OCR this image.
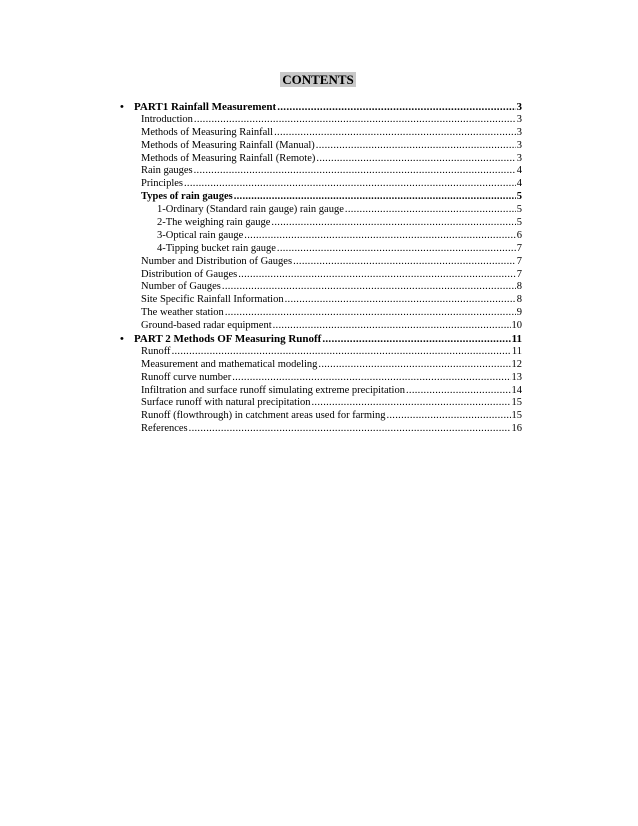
CONTENTS
• PART1 Rainfall Measurement .....	3
Introduction .....	3
Methods of Measuring Rainfall .....	3
Methods of Measuring Rainfall (Manual) .....	3
Methods of Measuring Rainfall (Remote) .....	3
Rain gauges .....	4
Principles .....	4
Types of rain gauges .....	5
1-Ordinary (Standard rain gauge) rain gauge .....	5
2-The weighing rain gauge .....	5
3-Optical rain gauge .....	6
4-Tipping bucket rain gauge .....	7
Number and Distribution of Gauges .....	7
Distribution of Gauges .....	7
Number of Gauges .....	8
Site Specific Rainfall Information .....	8
The weather station .....	9
Ground-based radar equipment .....	10
• PART 2 Methods OF Measuring Runoff .....	11
Runoff .....	11
Measurement and mathematical modeling .....	12
Runoff curve number .....	13
Infiltration and surface runoff simulating extreme precipitation .....	14
Surface runoff with natural precipitation .....	15
Runoff (flowthrough) in catchment areas used for farming .....	15
References .....	16
